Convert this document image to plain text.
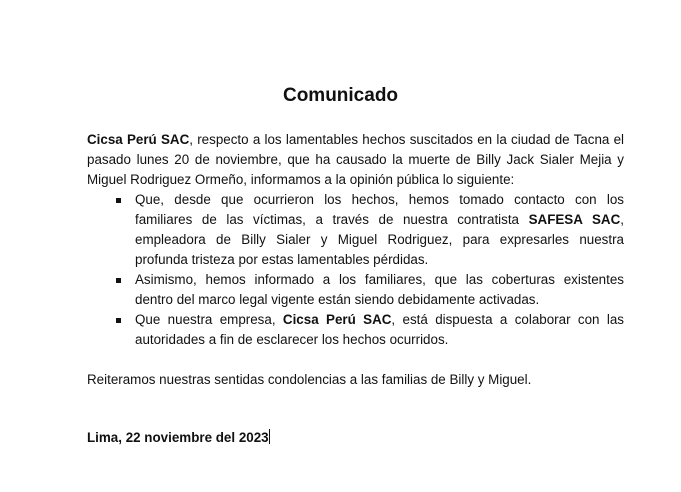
Comunicado
Cicsa Perú SAC, respecto a los lamentables hechos suscitados en la ciudad de Tacna el
pasado lunes 20 de noviembre, que ha causado la muerte de Billy Jack Sialer Mejia y
Miguel Rodriguez Ormeño, informamos a la opinión pública lo siguiente:
Que, desde que ocurrieron los hechos, hemos tomado contacto con los
familiares de las víctimas, a través de nuestra contratista SAFESA SAC,
empleadora de Billy Sialer y Miguel Rodriguez, para expresarles nuestra
profunda tristeza por estas lamentables pérdidas.
Asimismo, hemos informado a los familiares, que las coberturas existentes
dentro del marco legal vigente están siendo debidamente activadas.
Que nuestra empresa, Cicsa Perú SAC, está dispuesta a colaborar con las
autoridades a fin de esclarecer los hechos ocurridos.
Reiteramos nuestras sentidas condolencias a las familias de Billy y Miguel.
Lima, 22 noviembre del 2023
